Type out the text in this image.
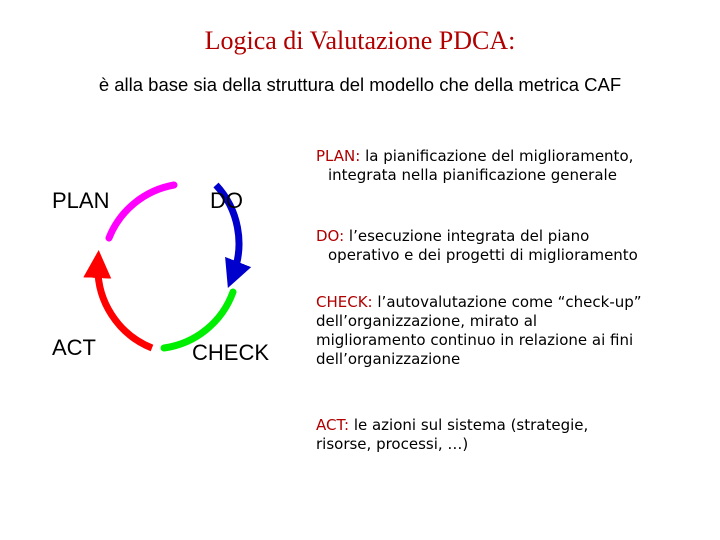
Logica di Valutazione PDCA:
è alla base sia della struttura del modello che della metrica CAF
PLAN	DO
ACT	CHECK
PLAN: la pianificazione del miglioramento,
integrata nella pianificazione generale
DO: l’esecuzione integrata del piano
operativo e dei progetti di miglioramento
CHECK: l’autovalutazione come “check-up”
dell’organizzazione, mirato al
miglioramento continuo in relazione ai fini
dell’organizzazione
ACT: le azioni sul sistema (strategie,
risorse, processi, …)
